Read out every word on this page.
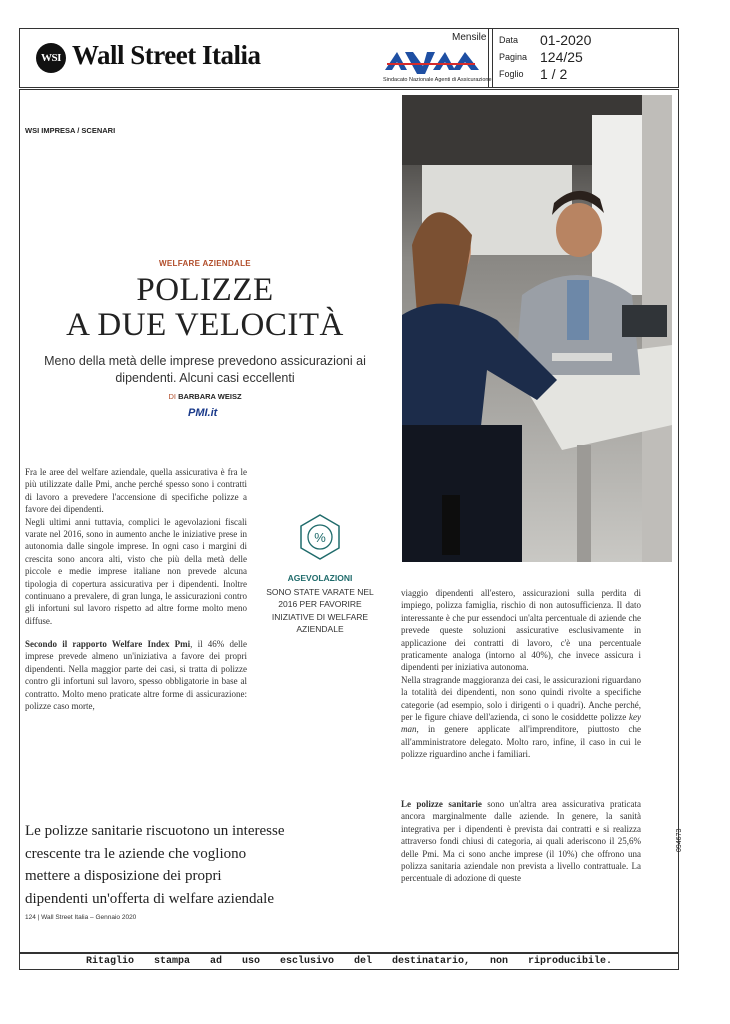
WSI Wall Street Italia
Mensile
Sindacato Nazionale Agenti di Assicurazione
Data 01-2020
Pagina 124/25
Foglio 1 / 2
WSI IMPRESA / SCENARI
WELFARE AZIENDALE
POLIZZE
A DUE VELOCITÀ
Meno della metà delle imprese prevedono assicurazioni ai dipendenti. Alcuni casi eccellenti
DI BARBARA WEISZ
PMI.it

Fra le aree del welfare aziendale, quella assicurativa è fra le più utilizzate dalle Pmi, anche perché spesso sono i contratti di lavoro a prevedere l'accensione di specifiche polizze a favore dei dipendenti.

Negli ultimi anni tuttavia, complici le agevolazioni fiscali varate nel 2016, sono in aumento anche le iniziative prese in autonomia dalle singole imprese. In ogni caso i margini di crescita sono ancora alti, visto che più della metà delle piccole e medie imprese italiane non prevede alcuna tipologia di copertura assicurativa per i dipendenti. Inoltre continuano a prevalere, di gran lunga, le assicurazioni contro gli infortuni sul lavoro rispetto ad altre forme molto meno diffuse.

Secondo il rapporto Welfare Index Pmi, il 46% delle imprese prevede almeno un'iniziativa a favore dei propri dipendenti. Nella maggior parte dei casi, si tratta di polizze contro gli infortuni sul lavoro, spesso obbligatorie in base al contratto. Molto meno praticate altre forme di assicurazione: polizze caso morte,

%
AGEVOLAZIONI
SONO STATE VARATE NEL 2016 PER FAVORIRE INIZIATIVE DI WELFARE AZIENDALE

viaggio dipendenti all'estero, assicurazioni sulla perdita di impiego, polizza famiglia, rischio di non autosufficienza. Il dato interessante è che pur essendoci un'alta percentuale di aziende che prevede queste soluzioni assicurative esclusivamente in applicazione dei contratti di lavoro, c'è una percentuale praticamente analoga (intorno al 40%), che invece assicura i dipendenti per iniziativa autonoma.

Nella stragrande maggioranza dei casi, le assicurazioni riguardano la totalità dei dipendenti, non sono quindi rivolte a specifiche categorie (ad esempio, solo i dirigenti o i quadri). Anche perché, per le figure chiave dell'azienda, ci sono le cosiddette polizze key man, in genere applicate all'imprenditore, piuttosto che all'amministratore delegato. Molto raro, infine, il caso in cui le polizze riguardino anche i familiari.

Le polizze sanitarie sono un'altra area assicurativa praticata ancora marginalmente dalle aziende. In genere, la sanità integrativa per i dipendenti è prevista dai contratti e si realizza attraverso fondi chiusi di categoria, ai quali aderiscono il 25,6% delle Pmi. Ma ci sono anche imprese (il 10%) che offrono una polizza sanitaria aziendale non prevista a livello contrattuale. La percentuale di adozione di queste

Le polizze sanitarie riscuotono un interesse crescente tra le aziende che vogliono mettere a disposizione dei propri dipendenti un'offerta di welfare aziendale
124 | Wall Street Italia – Gennaio 2020
094673
Ritaglio stampa ad uso esclusivo del destinatario, non riproducibile.
